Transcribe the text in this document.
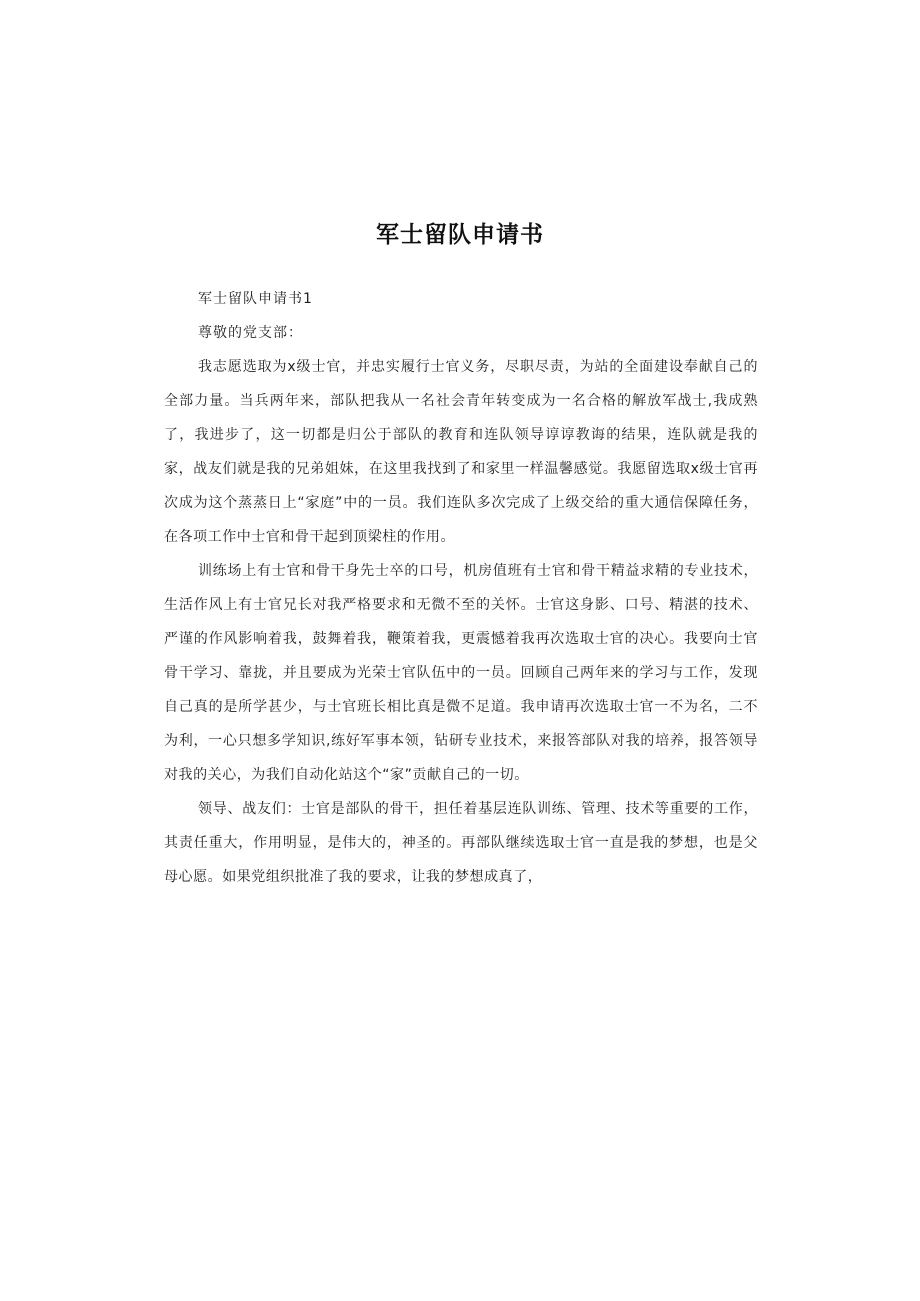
军士留队申请书

军士留队申请书1

尊敬的党支部：

我志愿选取为x级士官，并忠实履行士官义务，尽职尽责，为站的全面建设奉献自己的全部力量。当兵两年来，部队把我从一名社会青年转变成为一名合格的解放军战士,我成熟了，我进步了，这一切都是归公于部队的教育和连队领导谆谆教诲的结果，连队就是我的家，战友们就是我的兄弟姐妹，在这里我找到了和家里一样温馨感觉。我愿留选取x级士官再次成为这个蒸蒸日上“家庭”中的一员。我们连队多次完成了上级交给的重大通信保障任务，在各项工作中士官和骨干起到顶梁柱的作用。

训练场上有士官和骨干身先士卒的口号，机房值班有士官和骨干精益求精的专业技术，生活作风上有士官兄长对我严格要求和无微不至的关怀。士官这身影、口号、精湛的技术、严谨的作风影响着我，鼓舞着我，鞭策着我，更震憾着我再次选取士官的决心。我要向士官骨干学习、靠拢，并且要成为光荣士官队伍中的一员。回顾自己两年来的学习与工作，发现自己真的是所学甚少，与士官班长相比真是微不足道。我申请再次选取士官一不为名，二不为利，一心只想多学知识,练好军事本领，钻研专业技术，来报答部队对我的培养，报答领导对我的关心，为我们自动化站这个“家”贡献自己的一切。

领导、战友们：士官是部队的骨干，担任着基层连队训练、管理、技术等重要的工作，其责任重大，作用明显，是伟大的，神圣的。再部队继续选取士官一直是我的梦想，也是父母心愿。如果党组织批准了我的要求，让我的梦想成真了，
